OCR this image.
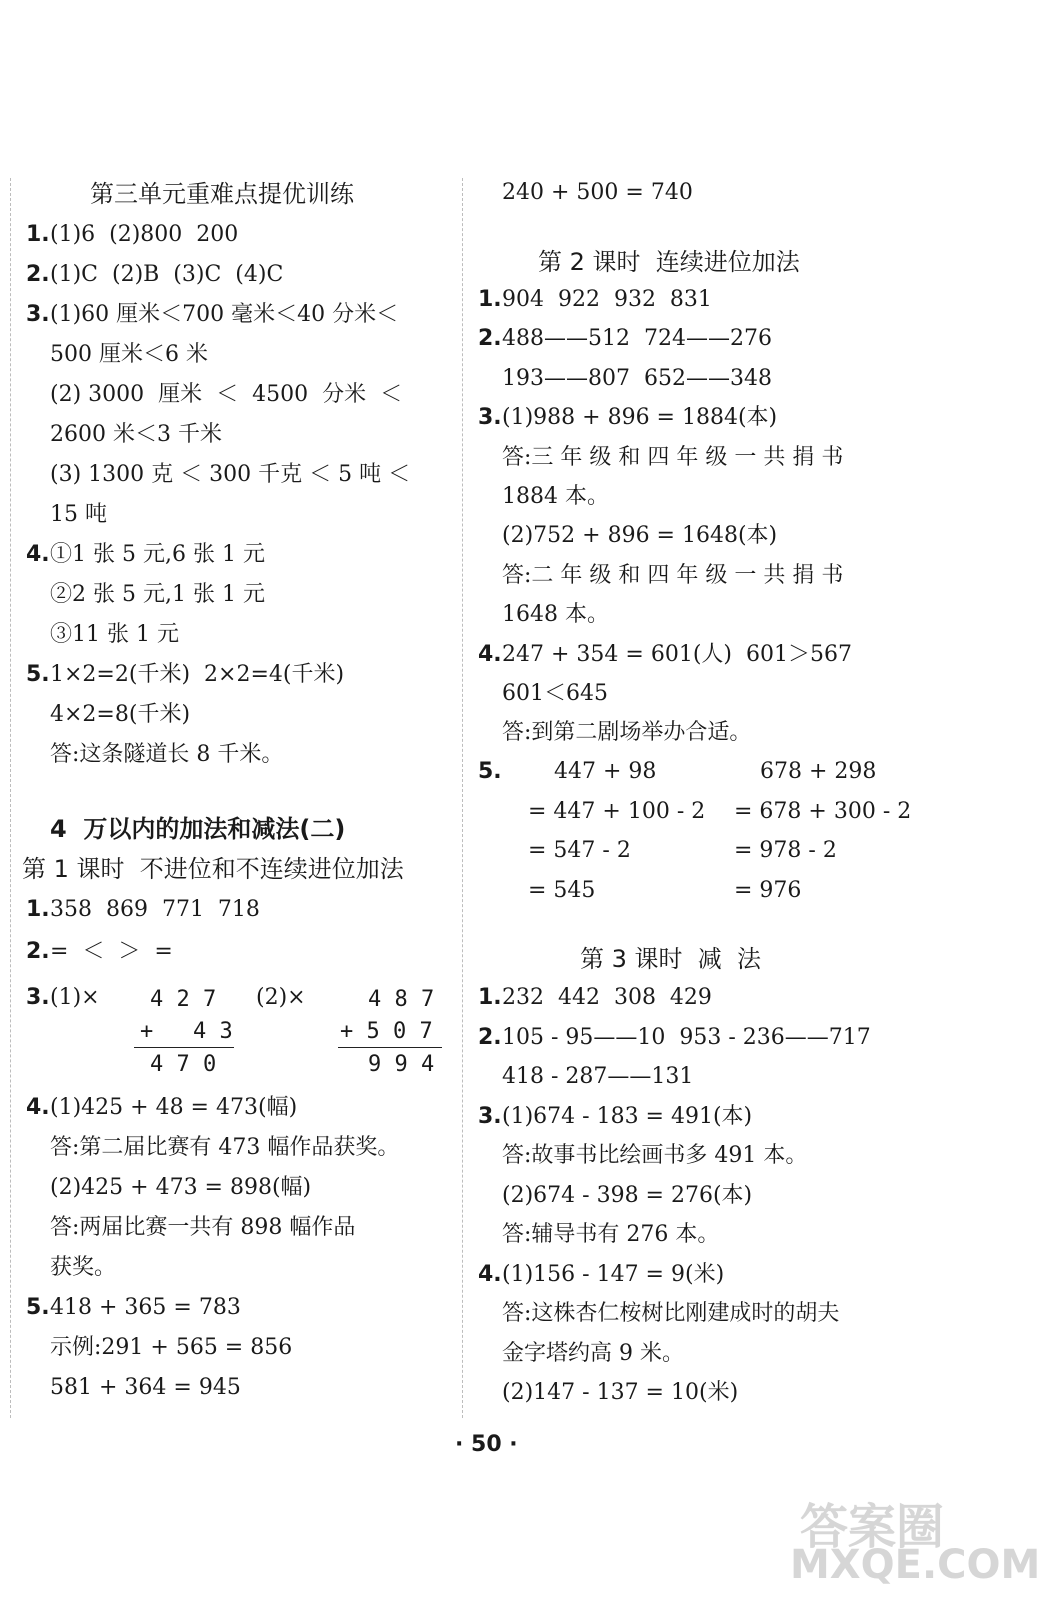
第三单元重难点提优训练
1. (1)6  (2)800  200
2. (1)C  (2)B  (3)C  (4)C
3. (1)60 厘米＜700 毫米＜40 分米＜
500 厘米＜6 米
(2) 3000  厘米  ＜  4500  分米  ＜
2600 米＜3 千米
(3) 1300 克 ＜ 300 千克 ＜ 5 吨 ＜
15 吨
4. ①1 张 5 元,6 张 1 元
②2 张 5 元,1 张 1 元
③11 张 1 元
5. 1×2=2(千米)  2×2=4(千米)
4×2=8(千米)
答:这条隧道长 8 千米。
4  万以内的加法和减法(二)
第 1 课时  不进位和不连续进位加法
1. 358  869  771  718
2. =  ＜  ＞  =
3. (1)× 4 2 7
+   4 3
4 7 0
(2)×	4 8 7
+ 5 0 7
9 9 4
4. (1)425 + 48 = 473(幅)
答:第二届比赛有 473 幅作品获奖。
(2)425 + 473 = 898(幅)
答:两届比赛一共有 898 幅作品
获奖。
5. 418 + 365 = 783
示例:291 + 565 = 856
581 + 364 = 945
240 + 500 = 740
第 2 课时  连续进位加法
1. 904  922  932  831
2. 488——512  724——276
193——807  652——348
3. (1)988 + 896 = 1884(本)
答:三 年 级 和 四 年 级 一 共 捐 书
1884 本。
(2)752 + 896 = 1648(本)
答:二 年 级 和 四 年 级 一 共 捐 书
1648 本。
4. 247 + 354 = 601(人)  601＞567
601＜645
答:到第二剧场举办合适。
5. 447 + 98
= 447 + 100 - 2
= 547 - 2
= 545
678 + 298
= 678 + 300 - 2
= 978 - 2
= 976
第 3 课时  减  法
1. 232  442  308  429
2. 105 - 95——10  953 - 236——717
418 - 287——131
3. (1)674 - 183 = 491(本)
答:故事书比绘画书多 491 本。
(2)674 - 398 = 276(本)
答:辅导书有 276 本。
4. (1)156 - 147 = 9(米)
答:这株杏仁桉树比刚建成时的胡夫
金字塔约高 9 米。
(2)147 - 137 = 10(米)
· 50 ·
答案圈
MXQE.COM
